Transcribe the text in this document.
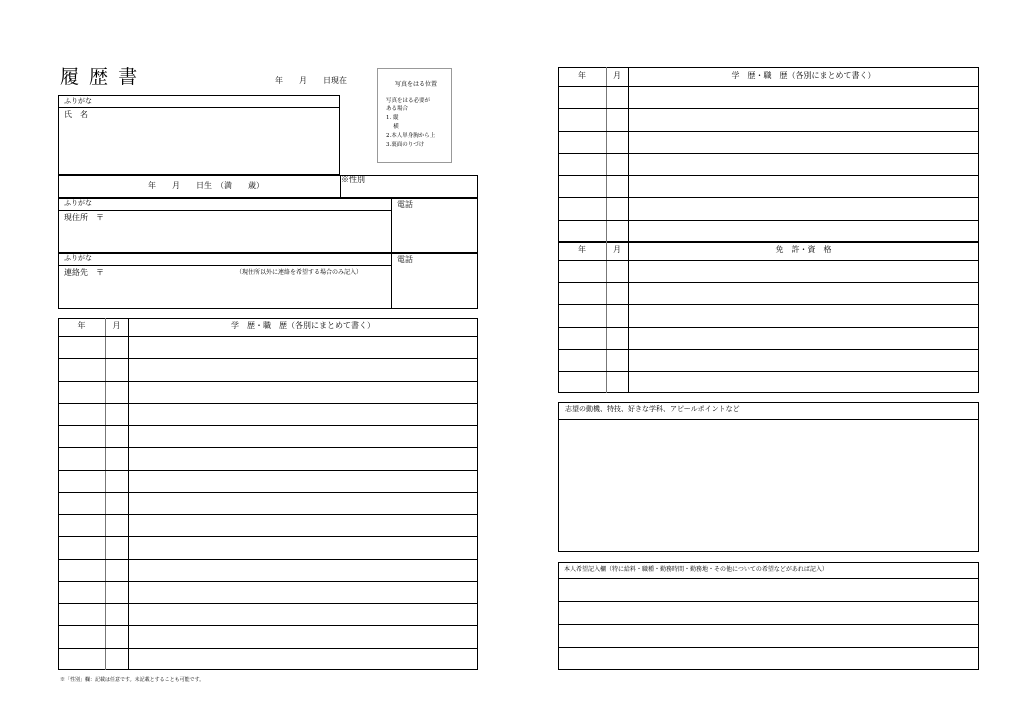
履 歴 書	年　　月　　日現在	写真をはる位置
写真をはる必要が
ある場合
1. 縦
　 横
2.本人単身胸から上
3.裏面のりづけ
ふりがな
氏　名
年　　月　　日生　（満　　歳）
※性別
ふりがな
現住所　〒
電話
ふりがな
連絡先　〒	（現住所以外に連絡を希望する場合のみ記入）
電話
年	月	学　歴・職　歴（各別にまとめて書く）
※「性別」欄：記載は任意です。未記載とすることも可能です。
年	月	学　歴・職　歴（各別にまとめて書く）
年	月	免　許・資　格
志望の動機、特技、好きな学科、アピールポイントなど
本人希望記入欄（特に給料・職種・勤務時間・勤務地・その他についての希望などがあれば記入）
